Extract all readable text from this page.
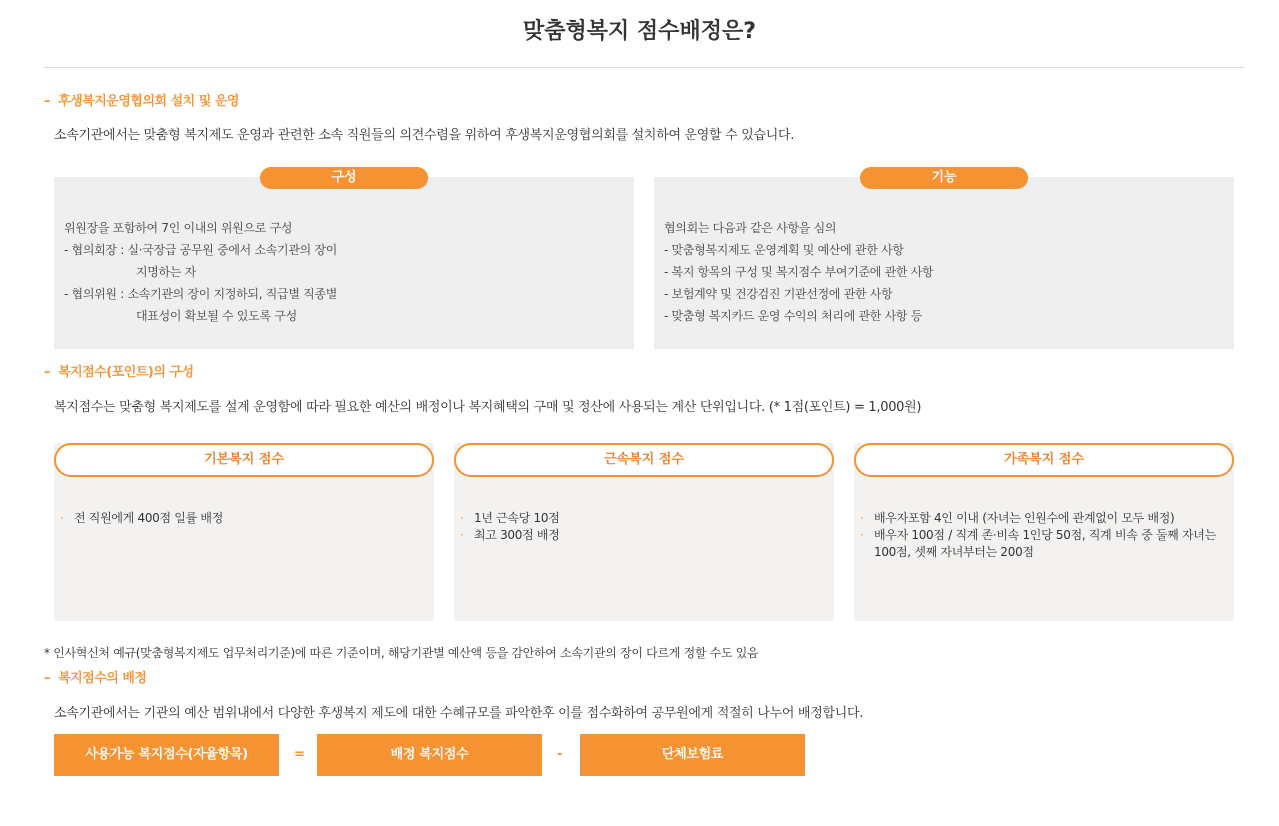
맞춤형복지 점수배정은?
– 후생복지운영협의회 설치 및 운영
소속기관에서는 맞춤형 복지제도 운영과 관련한 소속 직원들의 의견수렴을 위하여 후생복지운영협의회를 설치하여 운영할 수 있습니다.
구성
위원장을 포함하여 7인 이내의 위원으로 구성
- 협의회장 : 실·국장급 공무원 중에서 소속기관의 장이
지명하는 자
- 협의위원 : 소속기관의 장이 지정하되, 직급별 직종별
대표성이 확보될 수 있도록 구성
기능
협의회는 다음과 같은 사항을 심의
- 맞춤형복지제도 운영계획 및 예산에 관한 사항
- 복지 항목의 구성 및 복지점수 부여기준에 관한 사항
- 보험계약 및 건강검진 기관선정에 관한 사항
- 맞춤형 복지카드 운영 수익의 처리에 관한 사항 등
– 복지점수(포인트)의 구성
복지점수는 맞춤형 복지제도를 설계 운영함에 따라 필요한 예산의 배정이나 복지혜택의 구매 및 정산에 사용되는 계산 단위입니다. (* 1점(포인트) = 1,000원)
기본복지 점수
· 전 직원에게 400점 일률 배정
근속복지 점수
· 1년 근속당 10점
· 최고 300점 배정
가족복지 점수
· 배우자포함 4인 이내 (자녀는 인원수에 관계없이 모두 배정)
· 배우자 100점 / 직계 존·비속 1인당 50점, 직계 비속 중 둘째 자녀는 100점, 셋째 자녀부터는 200점
* 인사혁신처 예규(맞춤형복지제도 업무처리기준)에 따른 기준이며, 해당기관별 예산액 등을 감안하여 소속기관의 장이 다르게 정할 수도 있음
– 복지점수의 배정
소속기관에서는 기관의 예산 범위내에서 다양한 후생복지 제도에 대한 수혜규모를 파악한후 이를 점수화하여 공무원에게 적절히 나누어 배정합니다.
사용가능 복지점수(자율항목)	=	배정 복지점수	-	단체보험료
